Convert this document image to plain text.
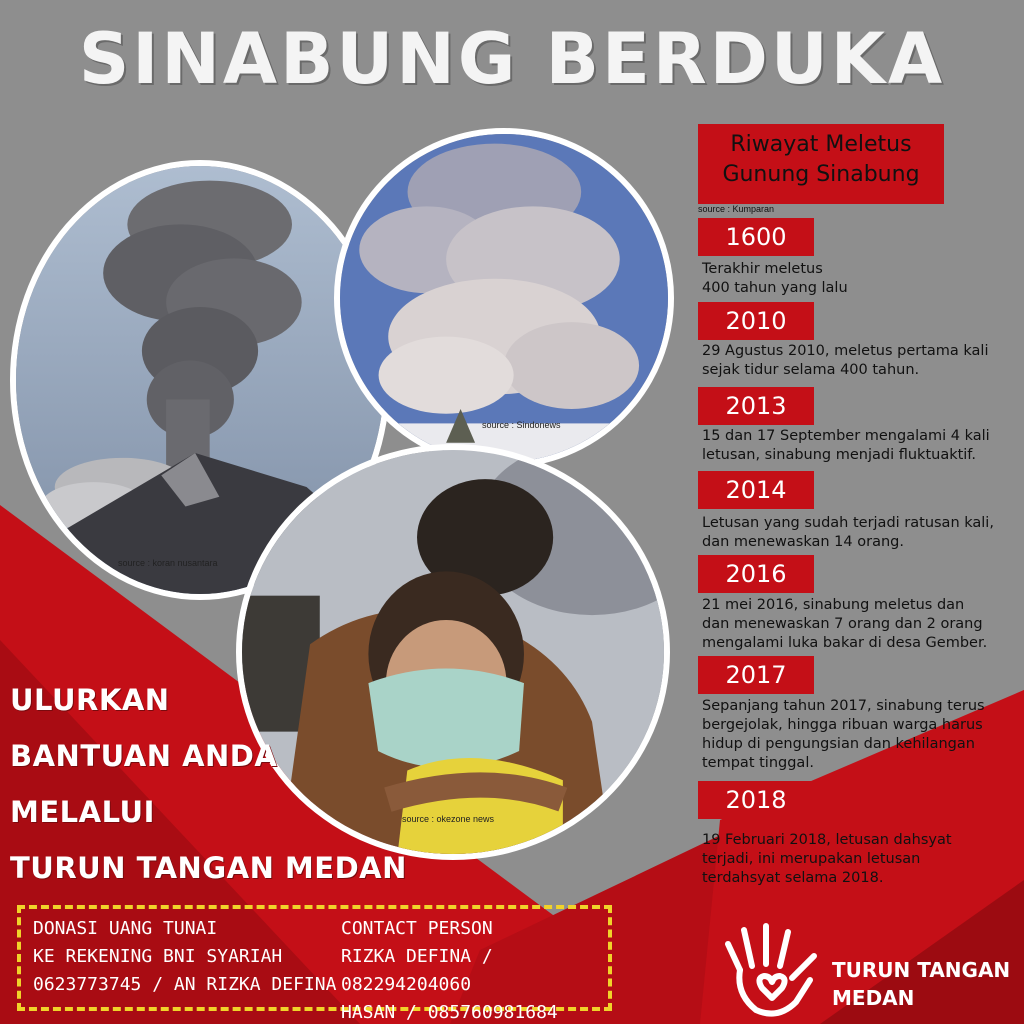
SINABUNG BERDUKA
source : koran nusantara
source : Sindonews
source : okezone news
Riwayat Meletus
Gunung Sinabung
source : Kumparan
1600
Terakhir meletus
400 tahun yang lalu
2010
29 Agustus 2010, meletus pertama kali
sejak tidur selama 400 tahun.
2013
15 dan 17 September mengalami 4 kali
letusan, sinabung menjadi fluktuaktif.
2014
Letusan yang sudah terjadi ratusan kali,
dan menewaskan 14 orang.
2016
21 mei 2016, sinabung meletus dan
dan menewaskan 7 orang dan 2 orang
mengalami luka bakar di desa Gember.
2017
Sepanjang tahun 2017, sinabung terus
bergejolak, hingga ribuan warga harus
hidup di pengungsian dan kehilangan
tempat tinggal.
2018
19 Februari 2018, letusan dahsyat
terjadi, ini merupakan letusan
terdahsyat selama 2018.
ULURKAN
BANTUAN ANDA
MELALUI
TURUN TANGAN MEDAN
DONASI UANG TUNAI
KE REKENING BNI SYARIAH
0623773745 / AN RIZKA DEFINA
CONTACT PERSON
RIZKA DEFINA / 082294204060
HASAN / 085760981684
TURUN TANGAN
MEDAN
